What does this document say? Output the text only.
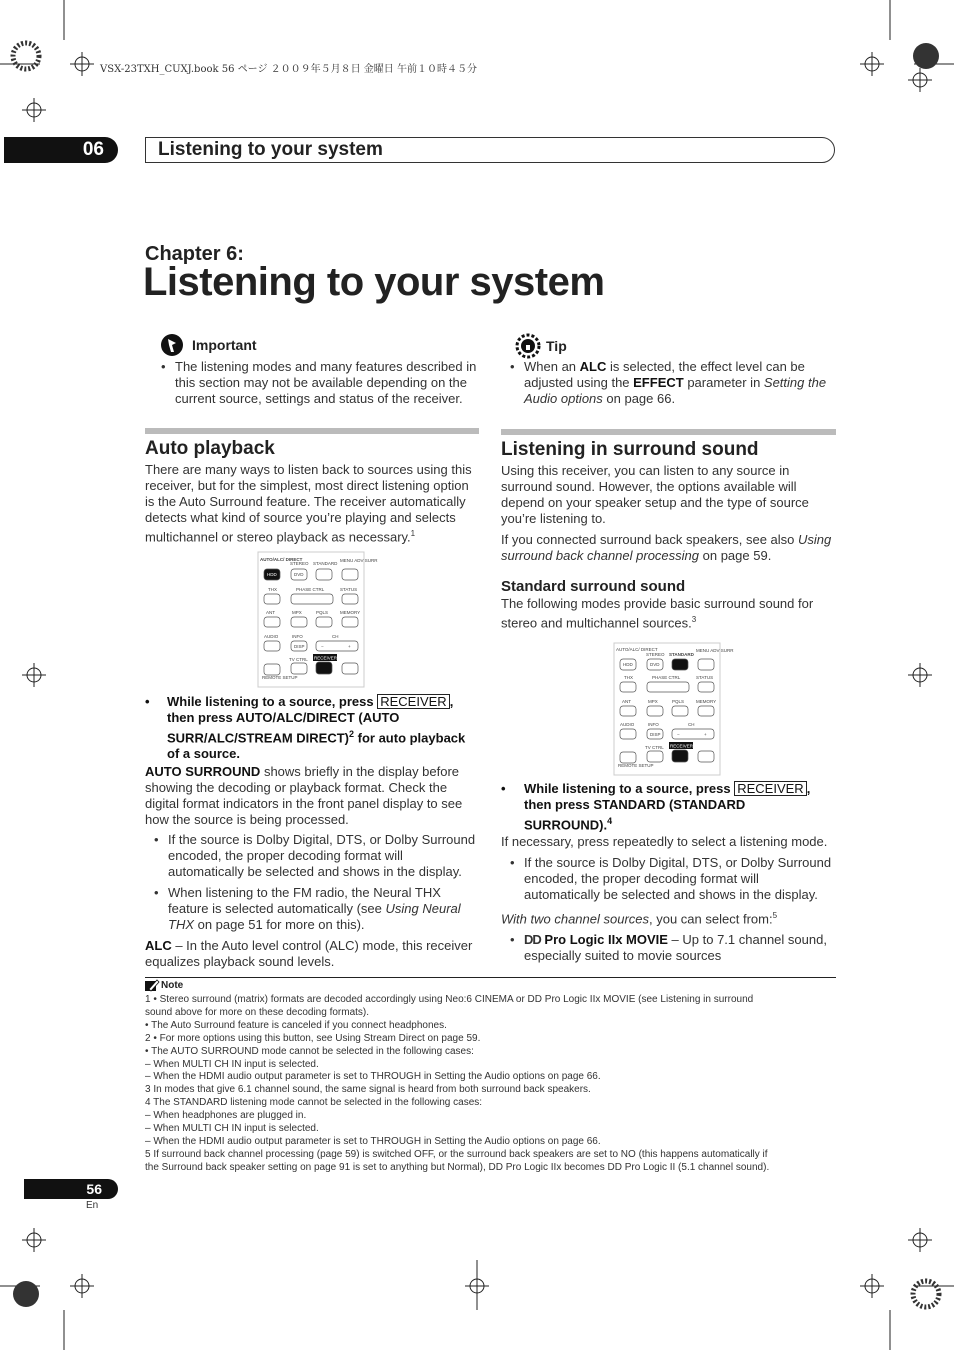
VSX-23TXH_CUXJ.book 56 ページ ２００９年５月８日 金曜日 午前１０時４５分
06	Listening to your system
Chapter 6:
Listening to your system
Important
• The listening modes and many features described in this section may not be available depending on the current source, settings and status of the receiver.
Tip
• When an ALC is selected, the effect level can be adjusted using the EFFECT parameter in Setting the Audio options on page 66.
Auto playback

There are many ways to listen back to sources using this receiver, but for the simplest, most direct listening option is the Auto Surround feature. The receiver automatically detects what kind of source you’re playing and selects multichannel or stereo playback as necessary.$^1$

AUTO/ALC/ DIRECT
STEREO STANDARD
MENU ADV SURR
THX	PHASE CTRL	STATUS
ANT	MPX	PQLS	MEMORY
AUDIO	INFO	CH
TV CTRL
REMOTE SETUP
HDD	DVD
DISP	−	+
RECEIVER

• While listening to a source, press RECEIVER , then press AUTO/ALC/DIRECT (AUTO SURR/ALC/STREAM DIRECT)$^2$ for auto playback of a source.

AUTO SURROUND shows briefly in the display before showing the decoding or playback format. Check the digital format indicators in the front panel display to see how the source is being processed.

• If the source is Dolby Digital, DTS, or Dolby Surround encoded, the proper decoding format will automatically be selected and shows in the display.
• When listening to the FM radio, the Neural THX feature is selected automatically (see Using Neural THX on page 51 for more on this).

ALC – In the Auto level control (ALC) mode, this receiver equalizes playback sound levels.

Listening in surround sound

Using this receiver, you can listen to any source in surround sound. However, the options available will depend on your speaker setup and the type of source you’re listening to.

If you connected surround back speakers, see also Using surround back channel processing on page 59.

Standard surround sound

The following modes provide basic surround sound for stereo and multichannel sources.$^3$

AUTO/ALC/ DIRECT
STEREO STANDARD
MENU ADV SURR
THX	PHASE CTRL	STATUS
ANT	MPX	PQLS	MEMORY
AUDIO	INFO	CH
TV CTRL
REMOTE SETUP
HDD	DVD
DISP	−	+
RECEIVER

• While listening to a source, press RECEIVER , then press STANDARD (STANDARD SURROUND).$^4$

If necessary, press repeatedly to select a listening mode.

• If the source is Dolby Digital, DTS, or Dolby Surround encoded, the proper decoding format will automatically be selected and shows in the display.

With two channel sources, you can select from:$^5$

• DD Pro Logic IIx MOVIE – Up to 7.1 channel sound, especially suited to movie sources
Note
1 • Stereo surround (matrix) formats are decoded accordingly using Neo:6 CINEMA or DD Pro Logic IIx MOVIE (see Listening in surround
sound above for more on these decoding formats).
• The Auto Surround feature is canceled if you connect headphones.
2 • For more options using this button, see Using Stream Direct on page 59.
• The AUTO SURROUND mode cannot be selected in the following cases:
– When MULTI CH IN input is selected.
– When the HDMI audio output parameter is set to THROUGH in Setting the Audio options on page 66.
3 In modes that give 6.1 channel sound, the same signal is heard from both surround back speakers.
4 The STANDARD listening mode cannot be selected in the following cases:
– When headphones are plugged in.
– When MULTI CH IN input is selected.
– When the HDMI audio output parameter is set to THROUGH in Setting the Audio options on page 66.
5 If surround back channel processing (page 59) is switched OFF, or the surround back speakers are set to NO (this happens automatically if
the Surround back speaker setting on page 91 is set to anything but Normal), DD Pro Logic IIx becomes DD Pro Logic II (5.1 channel sound).
56
En
